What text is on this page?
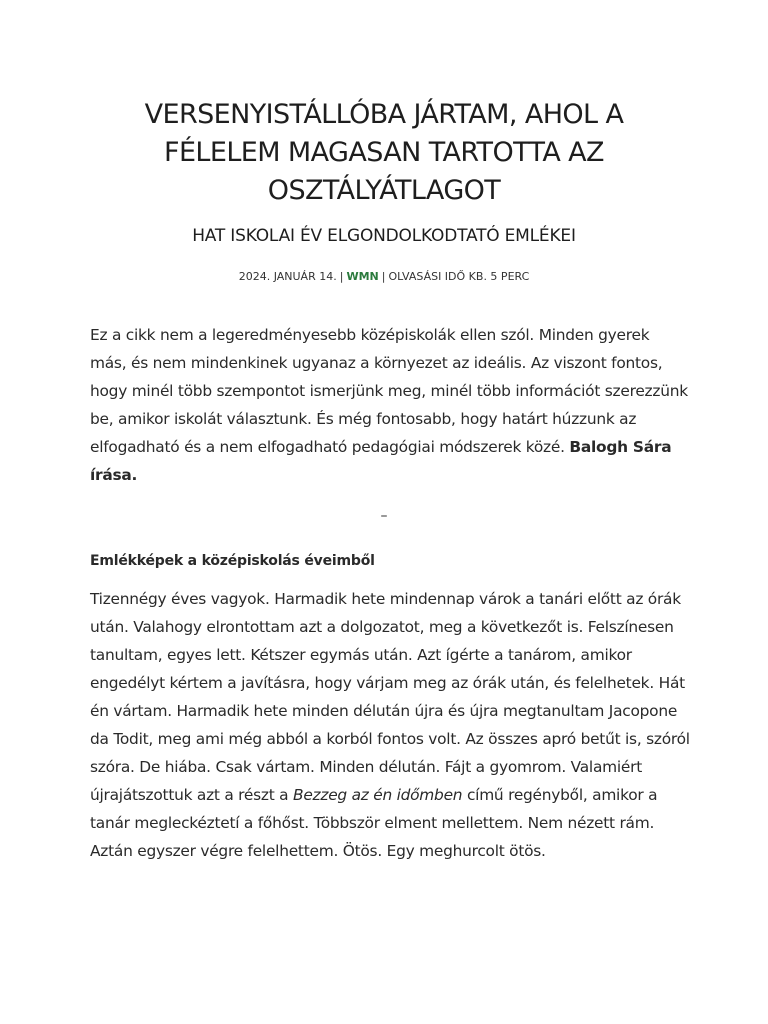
VERSENYISTÁLLÓBA JÁRTAM, AHOL A FÉLELEM MAGASAN TARTOTTA AZ OSZTÁLYÁTLAGOT
HAT ISKOLAI ÉV ELGONDOLKODTATÓ EMLÉKEI
2024. JANUÁR 14. | WMN | OLVASÁSI IDŐ KB. 5 PERC

Ez a cikk nem a legeredményesebb középiskolák ellen szól. Minden gyerek más, és nem mindenkinek ugyanaz a környezet az ideális. Az viszont fontos, hogy minél több szempontot ismerjünk meg, minél több információt szerezzünk be, amikor iskolát választunk. És még fontosabb, hogy határt húzzunk az elfogadható és a nem elfogadható pedagógiai módszerek közé. Balogh Sára írása.

–
Emlékképek a középiskolás éveimből

Tizennégy éves vagyok. Harmadik hete mindennap várok a tanári előtt az órák után. Valahogy elrontottam azt a dolgozatot, meg a következőt is. Felszínesen tanultam, egyes lett. Kétszer egymás után. Azt ígérte a tanárom, amikor engedélyt kértem a javításra, hogy várjam meg az órák után, és felelhetek. Hát én vártam. Harmadik hete minden délután újra és újra megtanultam Jacopone da Todit, meg ami még abból a korból fontos volt. Az összes apró betűt is, szóról szóra. De hiába. Csak vártam. Minden délután. Fájt a gyomrom. Valamiért újrajátszottuk azt a részt a Bezzeg az én időmben című regényből, amikor a tanár megleckéztetí a főhőst. Többször elment mellettem. Nem nézett rám. Aztán egyszer végre felelhettem. Ötös. Egy meghurcolt ötös.
